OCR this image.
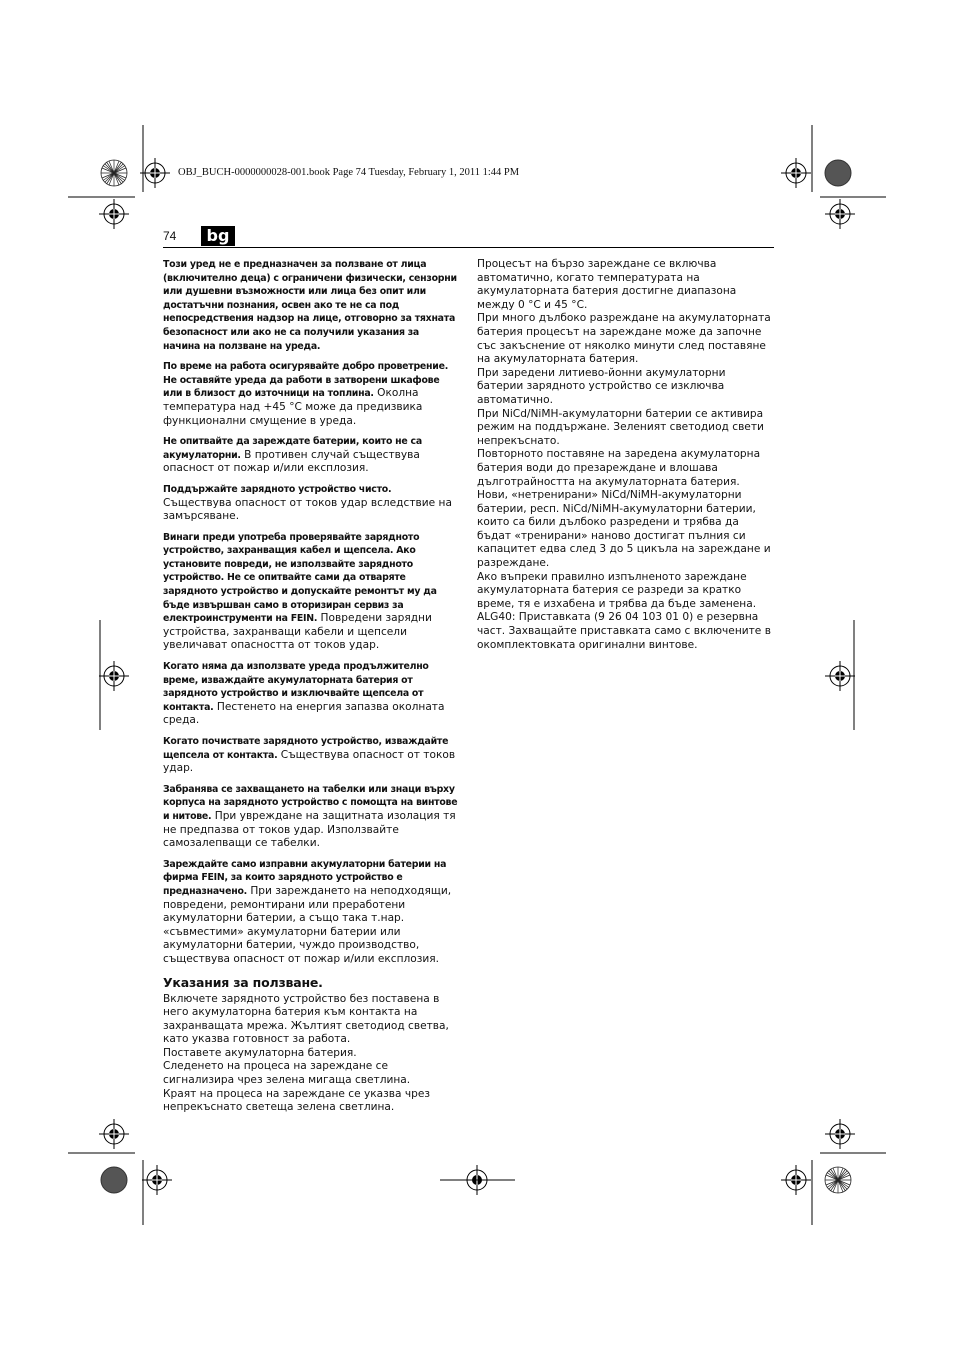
OBJ_BUCH-0000000028-001.book Page 74 Tuesday, February 1, 2011 1:44 PM
74	bg

Този уред не е предназначен за ползване от лица (включително деца) с ограничени физически, сензорни или душевни възможности или лица без опит или достатъчни познания, освен ако те не са под непосредствения надзор на лице, отговорно за тяхната безопасност или ако не са получили указания за начина на ползване на уреда.

По време на работа осигурявайте добро проветрение. Не оставяйте уреда да работи в затворени шкафове или в близост до източници на топлина. Околна температура над +45 °C може да предизвика функционални смущение в уреда.

Не опитвайте да зареждате батерии, които не са акумулаторни. В противен случай съществува опасност от пожар и/или експлозия.

Поддържайте зарядното устройство чисто. Съществува опасност от токов удар вследствие на замърсяване.

Винаги преди употреба проверявайте зарядното устройство, захранващия кабел и щепсела. Ако установите повреди, не използвайте зарядното устройство. Не се опитвайте сами да отваряте зарядното устройство и допускайте ремонтът му да бъде извършван само в оторизиран сервиз за електроинструменти на FEIN. Повредени зарядни устройства, захранващи кабели и щепсели увеличават опасността от токов удар.

Когато няма да използвате уреда продължително време, изваждайте акумулаторната батерия от зарядното устройство и изключвайте щепсела от контакта. Пестенето на енергия запазва околната среда.

Когато почиствате зарядното устройство, изваждайте щепсела от контакта. Съществува опасност от токов удар.

Забранява се захващането на табелки или знаци върху корпуса на зарядното устройство с помощта на винтове и нитове. При увреждане на защитната изолация тя не предпазва от токов удар. Използвайте самозалепващи се табелки.

Зареждайте само изправни акумулаторни батерии на фирма FEIN, за които зарядното устройство е предназначено. При зареждането на неподходящи, повредени, ремонтирани или преработени акумулаторни батерии, а също така т.нар. «съвместими» акумулаторни батерии или акумулаторни батерии, чуждо производство, съществува опасност от пожар и/или експлозия.

Указания за ползване.

Включете зарядното устройство без поставена в него акумулаторна батерия към контакта на захранващата мрежа. Жълтият светодиод светва, като указва готовност за работа.

Поставете акумулаторна батерия.

Следенето на процеса на зареждане се сигнализира чрез зелена мигаща светлина.

Краят на процеса на зареждане се указва чрез непрекъснато светеща зелена светлина.

Процесът на бързо зареждане се включва автоматично, когато температурата на акумулаторната батерия достигне диапазона между 0 °C и 45 °C.

При много дълбоко разреждане на акумулаторната батерия процесът на зареждане може да започне със закъснение от няколко минути след поставяне на акумулаторната батерия.

При заредени литиево-йонни акумулаторни батерии зарядното устройство се изключва автоматично.

При NiCd/NiMH-акумулаторни батерии се активира режим на поддържане. Зеленият светодиод свети непрекъснато.

Повторното поставяне на заредена акумулаторна батерия води до презареждане и влошава дълготрайността на акумулаторната батерия.

Нови, «нетренирани» NiCd/NiMH-акумулаторни батерии, респ. NiCd/NiMH-акумулаторни батерии, които са били дълбоко разредени и трябва да бъдат «тренирани» наново достигат пълния си капацитет едва след 3 до 5 цикъла на зареждане и разреждане.

Ако въпреки правилно изпълненото зареждане акумулаторната батерия се разреди за кратко време, тя е изхабена и трябва да бъде заменена.

ALG40: Приставката (9 26 04 103 01 0) е резервна част. Захващайте приставката само с включените в окомплектовката оригинални винтове.
